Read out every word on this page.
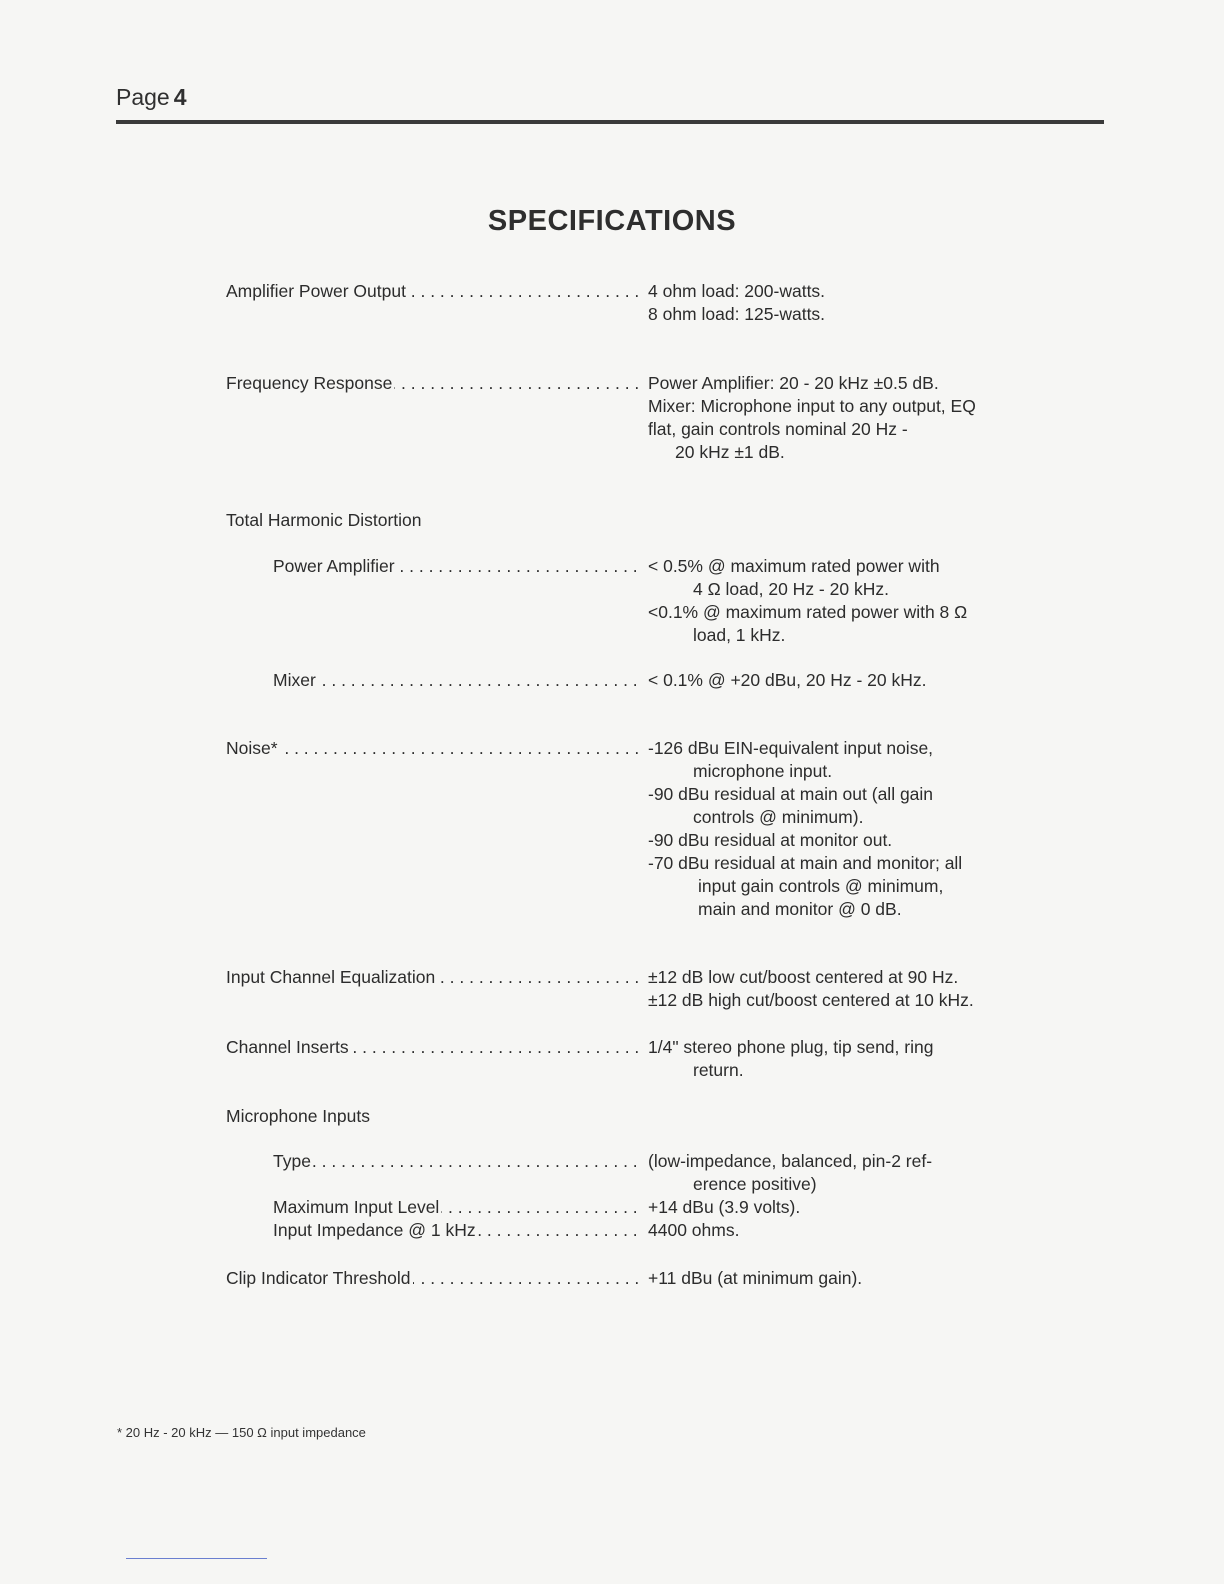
Page 4
SPECIFICATIONS
Amplifier Power Output . . .	4 ohm load: 200-watts.
8 ohm load: 125-watts.
Frequency Response . . .	Power Amplifier: 20 - 20 kHz ±0.5 dB.
Mixer: Microphone input to any output, EQ
flat, gain controls nominal 20 Hz -
20 kHz ±1 dB.
Total Harmonic Distortion
Power Amplifier . . .	< 0.5% @ maximum rated power with
4 Ω load, 20 Hz - 20 kHz.
<0.1% @ maximum rated power with 8 Ω
load, 1 kHz.
Mixer . . .	< 0.1% @ +20 dBu, 20 Hz - 20 kHz.
Noise* . . .	-126 dBu EIN-equivalent input noise,
microphone input.
-90 dBu residual at main out (all gain
controls @ minimum).
-90 dBu residual at monitor out.
-70 dBu residual at main and monitor; all
input gain controls @ minimum,
main and monitor @ 0 dB.
Input Channel Equalization . . .	±12 dB low cut/boost centered at 90 Hz.
±12 dB high cut/boost centered at 10 kHz.
Channel Inserts . . .	1/4" stereo phone plug, tip send, ring
return.
Microphone Inputs
Type . . .	(low-impedance, balanced, pin-2 ref-
erence positive)
Maximum Input Level . . .	+14 dBu (3.9 volts).
Input Impedance @ 1 kHz . . .	4400 ohms.
Clip Indicator Threshold . . .	+11 dBu (at minimum gain).
* 20 Hz - 20 kHz — 150 Ω input impedance
